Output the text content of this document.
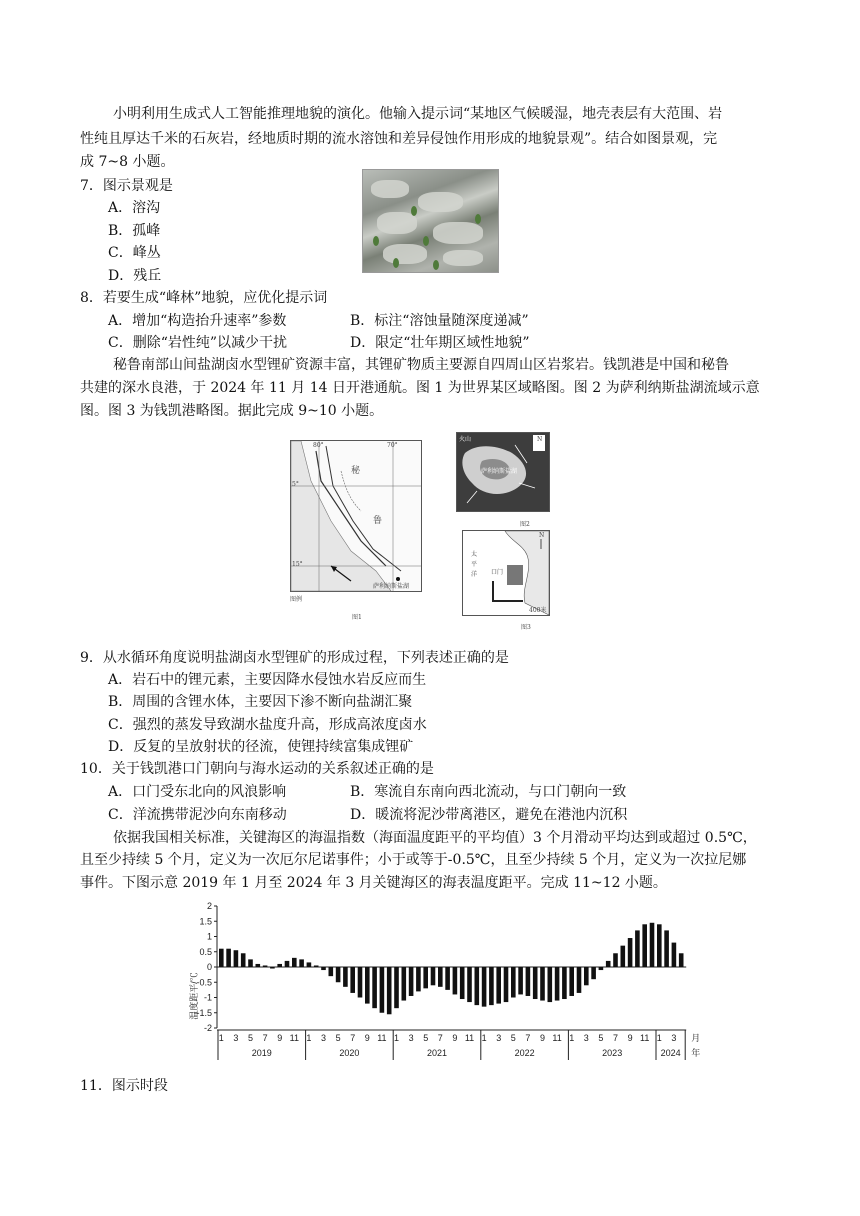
小明利用生成式人工智能推理地貌的演化。他输入提示词“某地区气候暖湿，地壳表层有大范围、岩
性纯且厚达千米的石灰岩，经地质时期的流水溶蚀和差异侵蚀作用形成的地貌景观”。结合如图景观，完
成 7~8 小题。
7．图示景观是
A．溶沟
B．孤峰
C．峰丛
D．残丘
8．若要生成“峰林”地貌，应优化提示词
A．增加“构造抬升速率”参数	B．标注“溶蚀量随深度递减”
C．删除“岩性纯”以减少干扰	D．限定“壮年期区域性地貌”
秘鲁南部山间盐湖卤水型锂矿资源丰富，其锂矿物质主要源自四周山区岩浆岩。钱凯港是中国和秘鲁
共建的深水良港，于 2024 年 11 月 14 日开港通航。图 1 为世界某区域略图。图 2 为萨利纳斯盐湖流域示意
图。图 3 为钱凯港略图。据此完成 9~10 小题。
80°	70°
5°
15°
秘
鲁
萨利纳斯盐湖
图例
图1
火山	N
萨利纳斯盐湖
图2
N
太
平
洋 口门
400米
图3
9．从水循环角度说明盐湖卤水型锂矿的形成过程，下列表述正确的是
A．岩石中的锂元素，主要因降水侵蚀水岩反应而生
B．周围的含锂水体，主要因下渗不断向盐湖汇聚
C．强烈的蒸发导致湖水盐度升高，形成高浓度卤水
D．反复的呈放射状的径流，使锂持续富集成锂矿
10．关于钱凯港口门朝向与海水运动的关系叙述正确的是
A．口门受东北向的风浪影响	B．寒流自东南向西北流动，与口门朝向一致
C．洋流携带泥沙向东南移动	D．暖流将泥沙带离港区，避免在港池内沉积
依据我国相关标准，关键海区的海温指数（海面温度距平的平均值）3 个月滑动平均达到或超过 0.5℃，
且至少持续 5 个月，定义为一次厄尔尼诺事件；小于或等于-0.5℃，且至少持续 5 个月，定义为一次拉尼娜
事件。下图示意 2019 年 1 月至 2024 年 3 月关键海区的海表温度距平。完成 11~12 小题。
温度距平/℃
2
1.5
1
0.5
0
-0.5
-1
-1.5
-2
1 3 5 7 9 11 1 3 5 7 9 11 1 3 5 7 9 11 1 3 5 7 9 11 1 3 5 7 9 11 1 3
2019	2020	2021	2022	2023	2024
月
年
11．图示时段
